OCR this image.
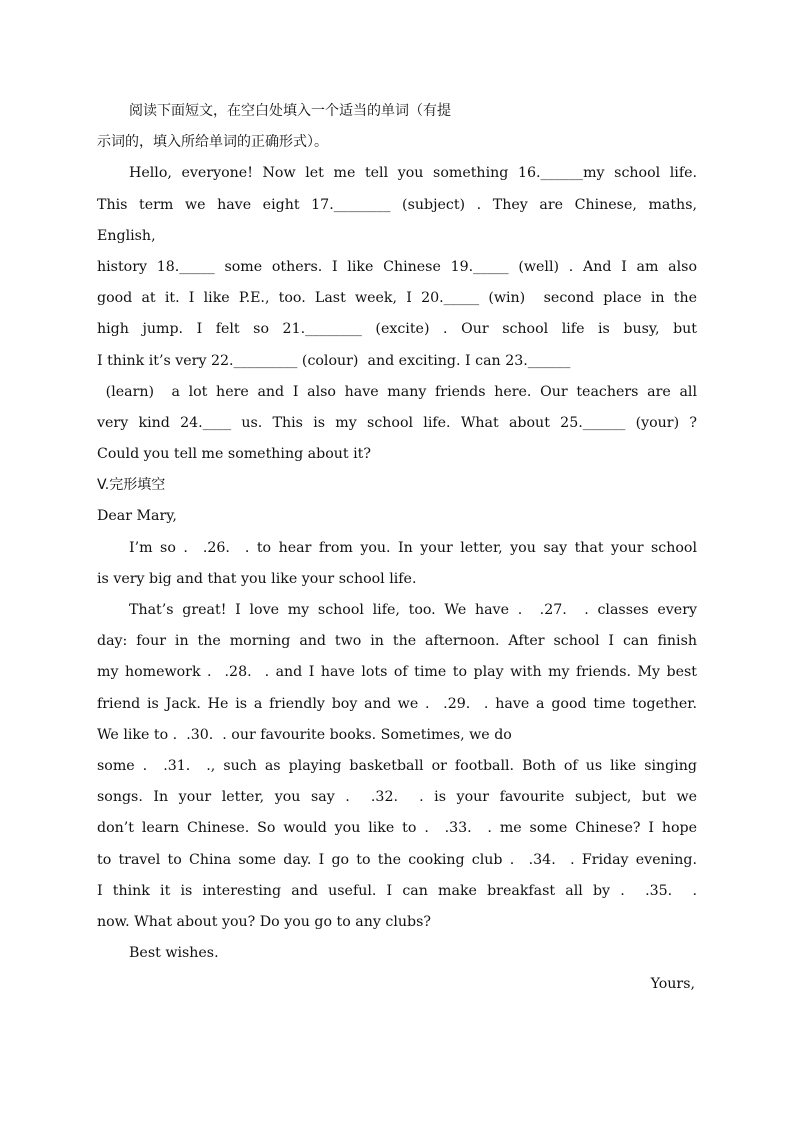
阅读下面短文，在空白处填入一个适当的单词（有提
示词的，填入所给单词的正确形式）。
Hello, everyone! Now let me tell you something 16.______my school life.
This term we have eight 17.________ (subject) . They are Chinese, maths,
English,
history 18._____ some others. I like Chinese 19._____ (well) . And I am also
good at it. I like P.E., too. Last week, I 20._____ (win)  second place in the
high jump. I felt so 21.________ (excite) . Our school life is busy, but
I think it’s very 22._________ (colour)  and exciting. I can 23.______
(learn)  a lot here and I also have many friends here. Our teachers are all
very kind 24.____ us. This is my school life. What about 25.______ (your) ?
Could you tell me something about it?
V.完形填空
Dear Mary,
I’m so .  .26.  . to hear from you. In your letter, you say that your school
is very big and that you like your school life.
That’s great! I love my school life, too. We have .  .27.  . classes every
day: four in the morning and two in the afternoon. After school I can finish
my homework .  .28.  . and I have lots of time to play with my friends. My best
friend is Jack. He is a friendly boy and we .  .29.  . have a good time together.
We like to .  .30.  . our favourite books. Sometimes, we do
some .  .31.  ., such as playing basketball or football. Both of us like singing
songs. In your letter, you say .  .32.  . is your favourite subject, but we
don’t learn Chinese. So would you like to .  .33.  . me some Chinese? I hope
to travel to China some day. I go to the cooking club .  .34.  . Friday evening.
I think it is interesting and useful. I can make breakfast all by .  .35.  .
now. What about you? Do you go to any clubs?
Best wishes.
Yours,
